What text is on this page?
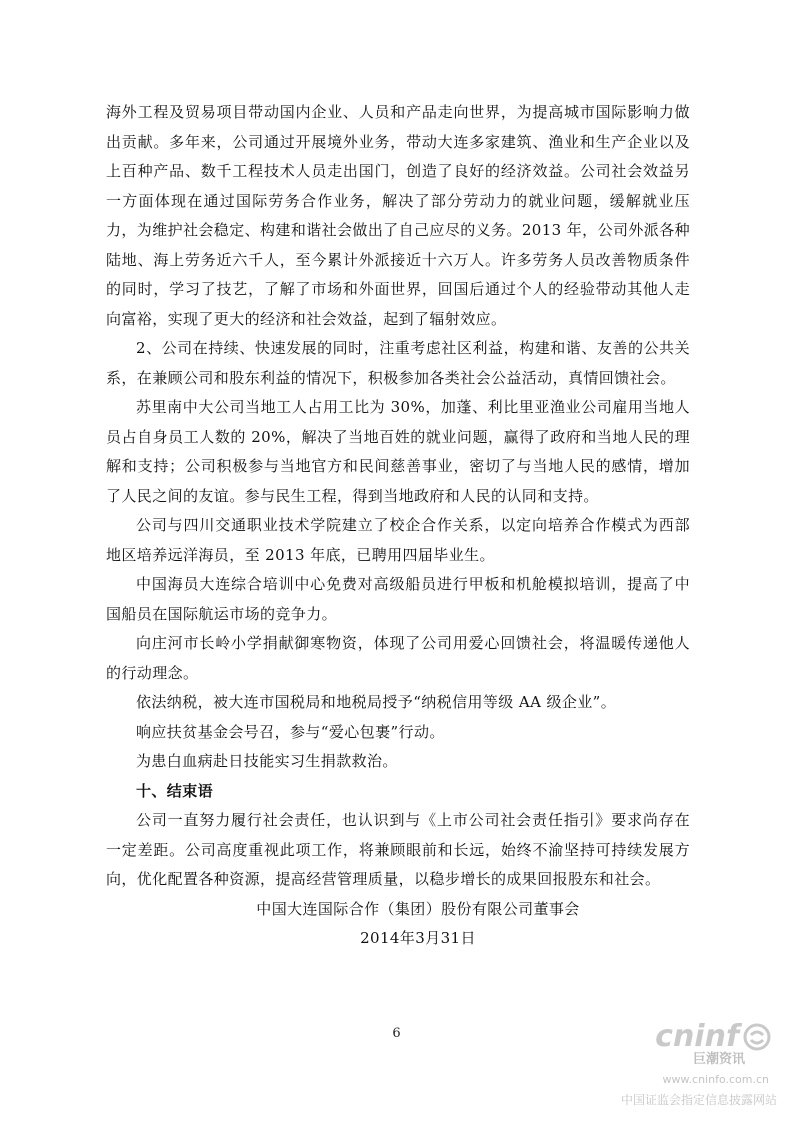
海外工程及贸易项目带动国内企业、人员和产品走向世界，为提高城市国际影响力做出贡献。多年来，公司通过开展境外业务，带动大连多家建筑、渔业和生产企业以及上百种产品、数千工程技术人员走出国门，创造了良好的经济效益。公司社会效益另一方面体现在通过国际劳务合作业务，解决了部分劳动力的就业问题，缓解就业压力，为维护社会稳定、构建和谐社会做出了自己应尽的义务。2013 年，公司外派各种陆地、海上劳务近六千人，至今累计外派接近十六万人。许多劳务人员改善物质条件的同时，学习了技艺，了解了市场和外面世界，回国后通过个人的经验带动其他人走向富裕，实现了更大的经济和社会效益，起到了辐射效应。

2、公司在持续、快速发展的同时，注重考虑社区利益，构建和谐、友善的公共关系，在兼顾公司和股东利益的情况下，积极参加各类社会公益活动，真情回馈社会。

苏里南中大公司当地工人占用工比为 30%，加蓬、利比里亚渔业公司雇用当地人员占自身员工人数的 20%，解决了当地百姓的就业问题，赢得了政府和当地人民的理解和支持；公司积极参与当地官方和民间慈善事业，密切了与当地人民的感情，增加了人民之间的友谊。参与民生工程，得到当地政府和人民的认同和支持。

公司与四川交通职业技术学院建立了校企合作关系，以定向培养合作模式为西部地区培养远洋海员，至 2013 年底，已聘用四届毕业生。

中国海员大连综合培训中心免费对高级船员进行甲板和机舱模拟培训，提高了中国船员在国际航运市场的竞争力。

向庄河市长岭小学捐献御寒物资，体现了公司用爱心回馈社会，将温暖传递他人的行动理念。

依法纳税，被大连市国税局和地税局授予“纳税信用等级 AA 级企业”。

响应扶贫基金会号召，参与“爱心包裹”行动。

为患白血病赴日技能实习生捐款救治。

十、结束语

公司一直努力履行社会责任，也认识到与《上市公司社会责任指引》要求尚存在一定差距。公司高度重视此项工作，将兼顾眼前和长远，始终不渝坚持可持续发展方向，优化配置各种资源，提高经营管理质量，以稳步增长的成果回报股东和社会。

中国大连国际合作（集团）股份有限公司董事会

2014年3月31日

6	cninf
巨潮资讯
www.cninfo.com.cn
中国证监会指定信息披露网站
